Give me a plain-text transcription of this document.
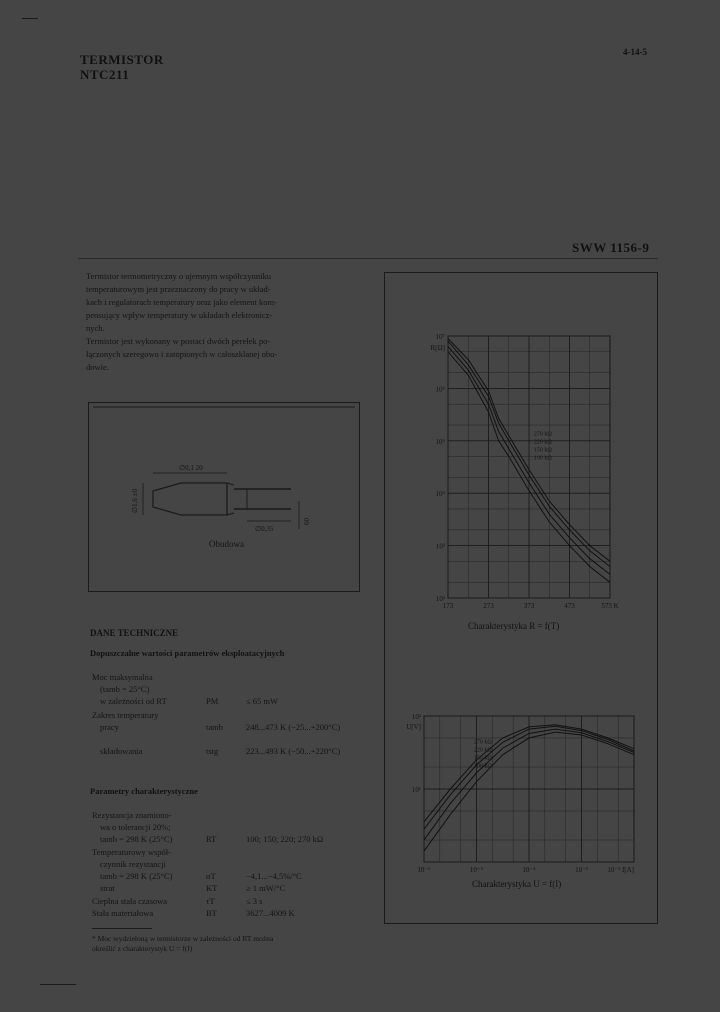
TERMISTOR
NTC211
4-14-5
SWW 1156-9
Termistor termometryczny o ujemnym współczynniku
temperaturowym jest przeznaczony do pracy w układ-
kach i regulatorach temperatury oraz jako element kom-
pensujący wpływ temperatury w układach elektronicz-
nych.
Termistor jest wykonany w postaci dwóch perełek po-
łączonych szeregowo i zatopionych w całoszklanej obu-
dowie.
∅0,1 20
∅1,6 ±0
∅0,35
60
Obudowa
DANE TECHNICZNE
Dopuszczalne wartości parametrów eksploatacyjnych
Moc maksymalna
(tamb = 25°C)
w zależności od RT	PM	≤ 65 mW
Zakres temperatury
pracy	tamb	248...473 K (−25...+200°C)
składowania	tstg	223...493 K (−50...+220°C)
Parametry charakterystyczne
Rezystancja znamiono-
wa o tolerancji 20%;
tamb = 298 K (25°C)	RT	100; 150; 220; 270 kΩ
Temperaturowy współ-
czynnik rezystancji
tamb = 298 K (25°C)	αT	−4,1...−4,5%/°C
strat	KT	≥ 1 mW/°C
Cieplna stała czasowa	τT	≤ 3 s
Stała materiałowa	BT	3627...4009 K
* Moc wydzieloną w termistorze w zależności od RT można
określić z charakterystyk U = f(I)
10⁷
10⁶
10⁵
10⁴
10³
10²
R[Ω]
173	273	373	473	573 K
270 kΩ
220 kΩ
150 kΩ
100 kΩ
Charakterystyka R = f(T)
10²
10¹
U[V]
10⁻⁶	10⁻⁵	10⁻⁴	10⁻³	10⁻² I[A]
270 kΩ
220 kΩ
150 kΩ
100 kΩ
Charakterystyka U = f(I)
